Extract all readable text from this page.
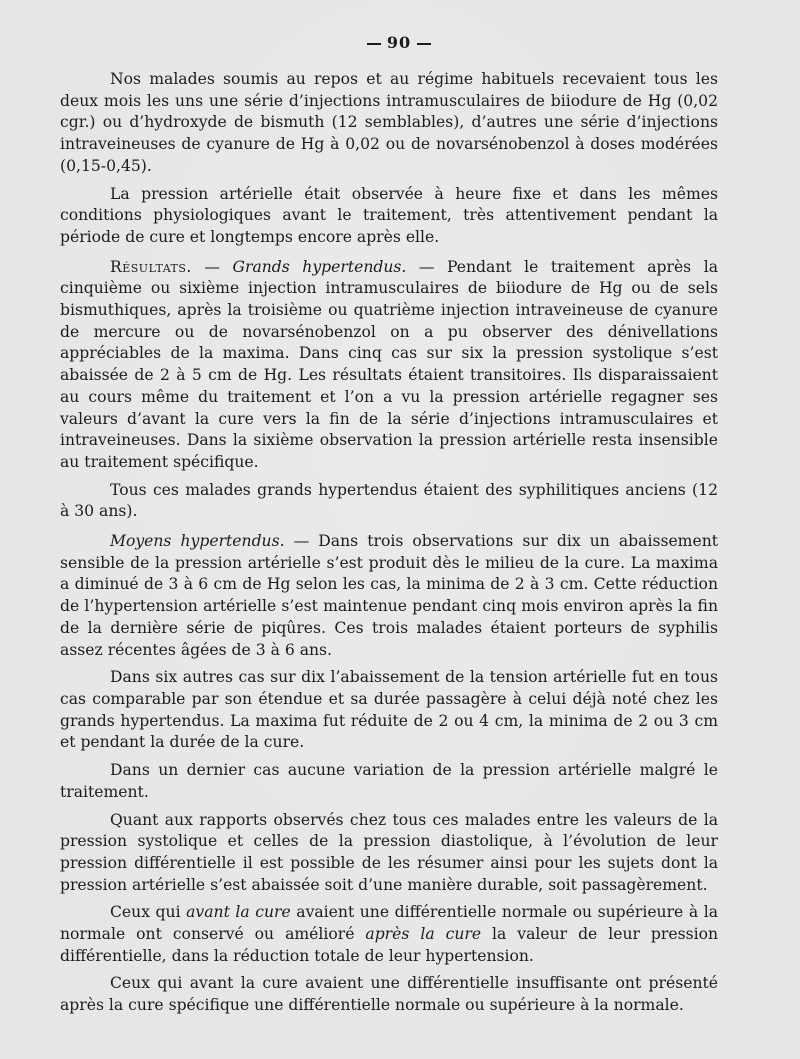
90

Nos malades soumis au repos et au régime habituels recevaient tous les deux mois les uns une série d’injections intramusculaires de biiodure de Hg (0,02 cgr.) ou d’hydroxyde de bismuth (12 semblables), d’autres une série d’injections intraveineuses de cyanure de Hg à 0,02 ou de novarsénobenzol à doses modérées (0,15-0,45).

La pression artérielle était observée à heure fixe et dans les mêmes conditions physiologiques avant le traitement, très attentivement pendant la période de cure et longtemps encore après elle.

Résultats. — Grands hypertendus. — Pendant le traitement après la cinquième ou sixième injection intramusculaires de biiodure de Hg ou de sels bismuthiques, après la troisième ou quatrième injection intraveineuse de cyanure de mercure ou de novarsénobenzol on a pu observer des dénivellations appréciables de la maxima. Dans cinq cas sur six la pression systolique s’est abaissée de 2 à 5 cm de Hg. Les résultats étaient transitoires. Ils disparaissaient au cours même du traitement et l’on a vu la pression artérielle regagner ses valeurs d’avant la cure vers la fin de la série d’injections intramusculaires et intraveineuses. Dans la sixième observation la pression artérielle resta insensible au traitement spécifique.

Tous ces malades grands hypertendus étaient des syphilitiques anciens (12 à 30 ans).

Moyens hypertendus. — Dans trois observations sur dix un abaissement sensible de la pression artérielle s’est produit dès le milieu de la cure. La maxima a diminué de 3 à 6 cm de Hg selon les cas, la minima de 2 à 3 cm. Cette réduction de l’hypertension artérielle s’est maintenue pendant cinq mois environ après la fin de la dernière série de piqûres. Ces trois malades étaient porteurs de syphilis assez récentes âgées de 3 à 6 ans.

Dans six autres cas sur dix l’abaissement de la tension artérielle fut en tous cas comparable par son étendue et sa durée passagère à celui déjà noté chez les grands hypertendus. La maxima fut réduite de 2 ou 4 cm, la minima de 2 ou 3 cm et pendant la durée de la cure.

Dans un dernier cas aucune variation de la pression artérielle malgré le traitement.

Quant aux rapports observés chez tous ces malades entre les valeurs de la pression systolique et celles de la pression diastolique, à l’évolution de leur pression différentielle il est possible de les résumer ainsi pour les sujets dont la pression artérielle s’est abaissée soit d’une manière durable, soit passagèrement.

Ceux qui avant la cure avaient une différentielle normale ou supérieure à la normale ont conservé ou amélioré après la cure la valeur de leur pression différentielle, dans la réduction totale de leur hypertension.

Ceux qui avant la cure avaient une différentielle insuffisante ont présenté après la cure spécifique une différentielle normale ou supérieure à la normale.
